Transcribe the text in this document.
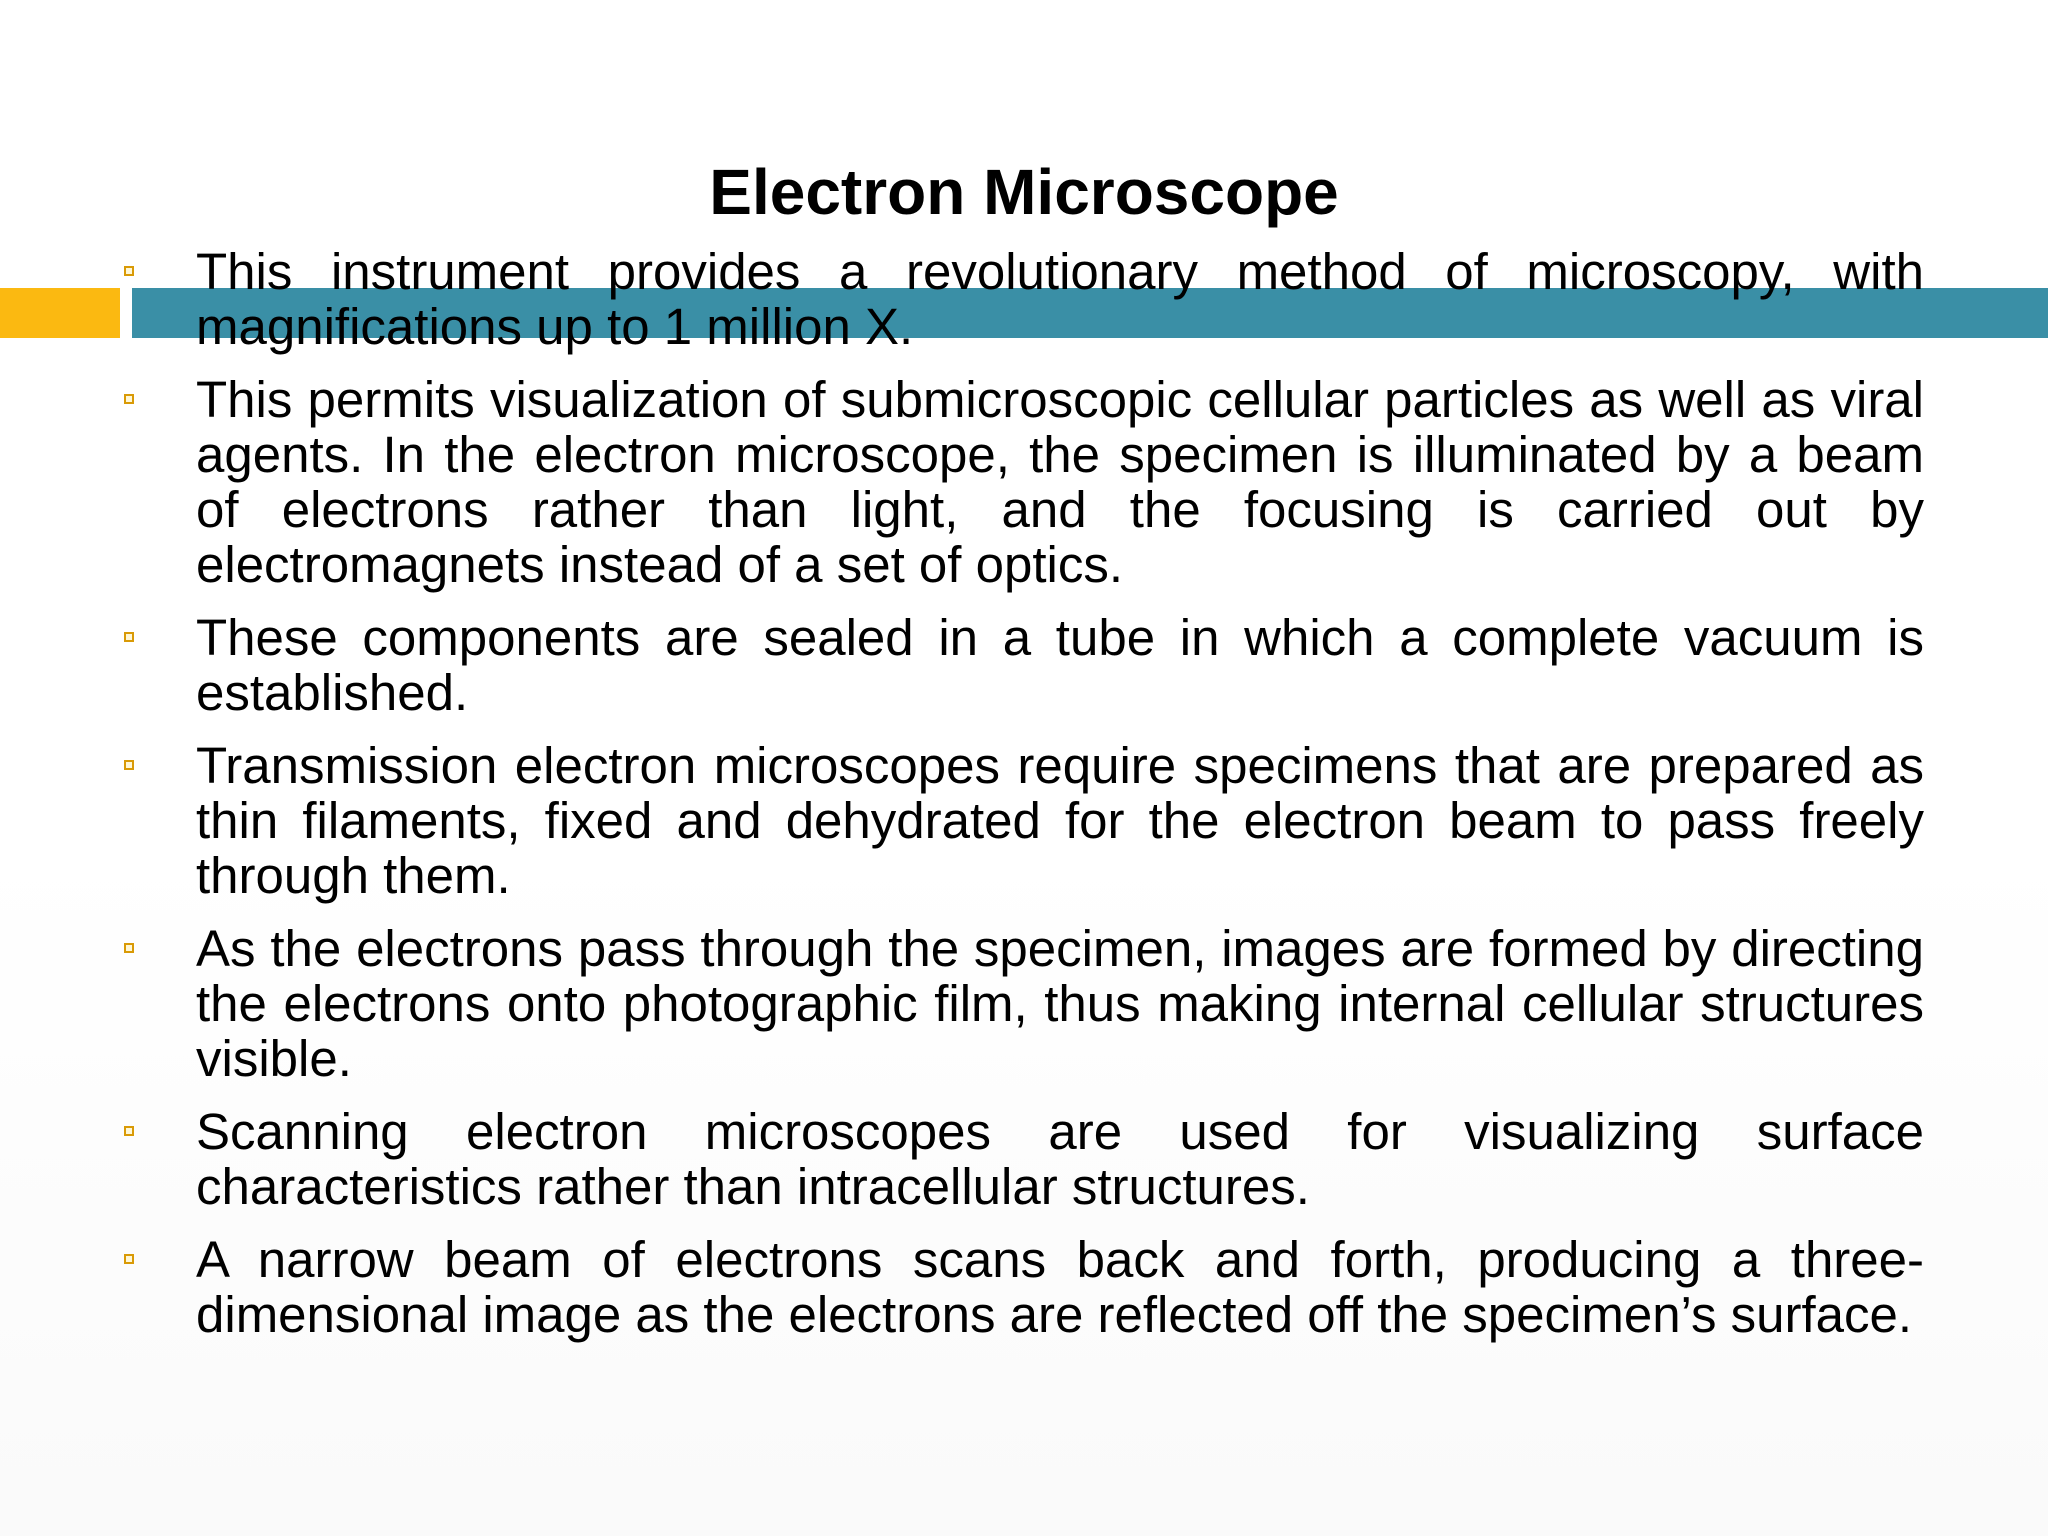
Electron Microscope
This instrument provides a revolutionary method of microscopy, with magnifications up to 1 million X.
This permits visualization of submicroscopic cellular particles as well as viral agents. In the electron microscope, the specimen is illuminated by a beam of electrons rather than light, and the focusing is carried out by electromagnets instead of a set of optics.
These components are sealed in a tube in which a complete vacuum is established.
Transmission electron microscopes require specimens that are prepared as thin filaments, fixed and dehydrated for the electron beam to pass freely through them.
As the electrons pass through the specimen, images are formed by directing the electrons onto photographic film, thus making internal cellular structures visible.
Scanning electron microscopes are used for visualizing surface characteristics rather than intracellular structures.
A narrow beam of electrons scans back and forth, producing a three-dimensional image as the electrons are reflected off the specimen’s surface.
